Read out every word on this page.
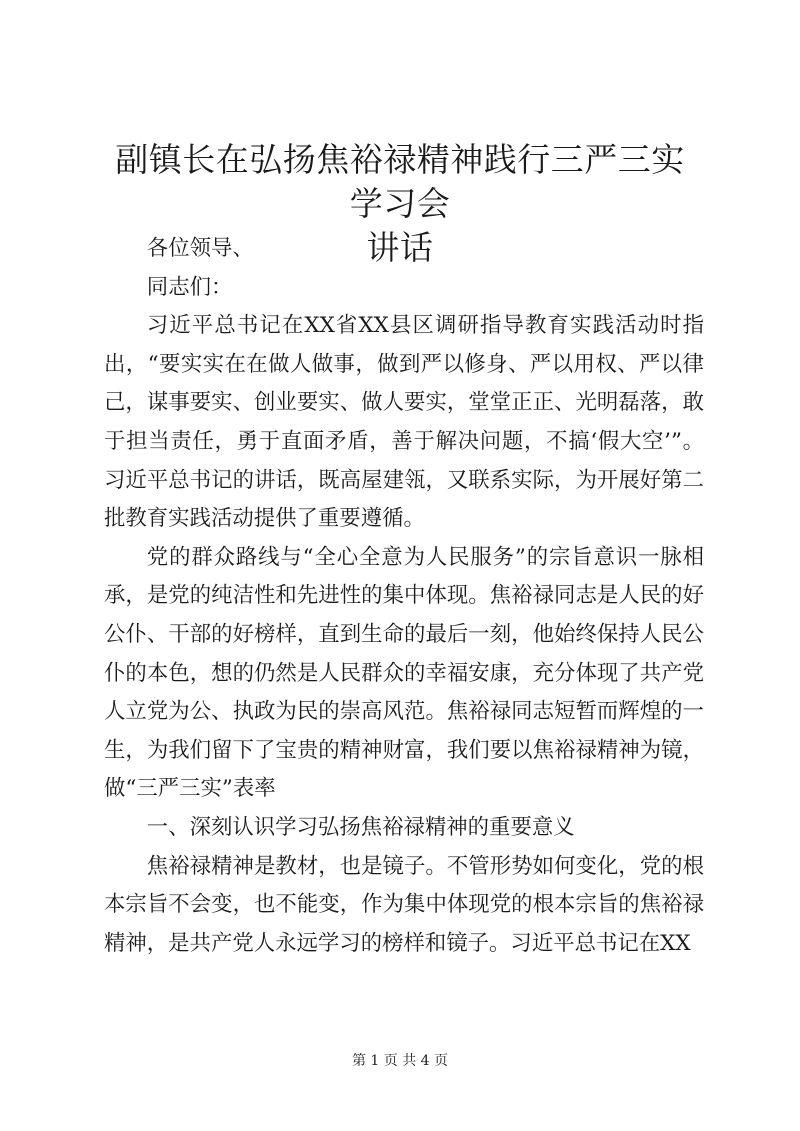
副镇长在弘扬焦裕禄精神践行三严三实学习会
讲话

各位领导、

同志们：

习近平总书记在XX省XX县区调研指导教育实践活动时指出，“要实实在在做人做事，做到严以修身、严以用权、严以律己，谋事要实、创业要实、做人要实，堂堂正正、光明磊落，敢于担当责任，勇于直面矛盾，善于解决问题，不搞‘假大空’”。习近平总书记的讲话，既高屋建瓴，又联系实际，为开展好第二批教育实践活动提供了重要遵循。

党的群众路线与“全心全意为人民服务”的宗旨意识一脉相承，是党的纯洁性和先进性的集中体现。焦裕禄同志是人民的好公仆、干部的好榜样，直到生命的最后一刻，他始终保持人民公仆的本色，想的仍然是人民群众的幸福安康，充分体现了共产党人立党为公、执政为民的崇高风范。焦裕禄同志短暂而辉煌的一生，为我们留下了宝贵的精神财富，我们要以焦裕禄精神为镜，做“三严三实”表率

一、深刻认识学习弘扬焦裕禄精神的重要意义

焦裕禄精神是教材，也是镜子。不管形势如何变化，党的根本宗旨不会变，也不能变，作为集中体现党的根本宗旨的焦裕禄精神，是共产党人永远学习的榜样和镜子。习近平总书记在XX

第 1 页 共 4 页
